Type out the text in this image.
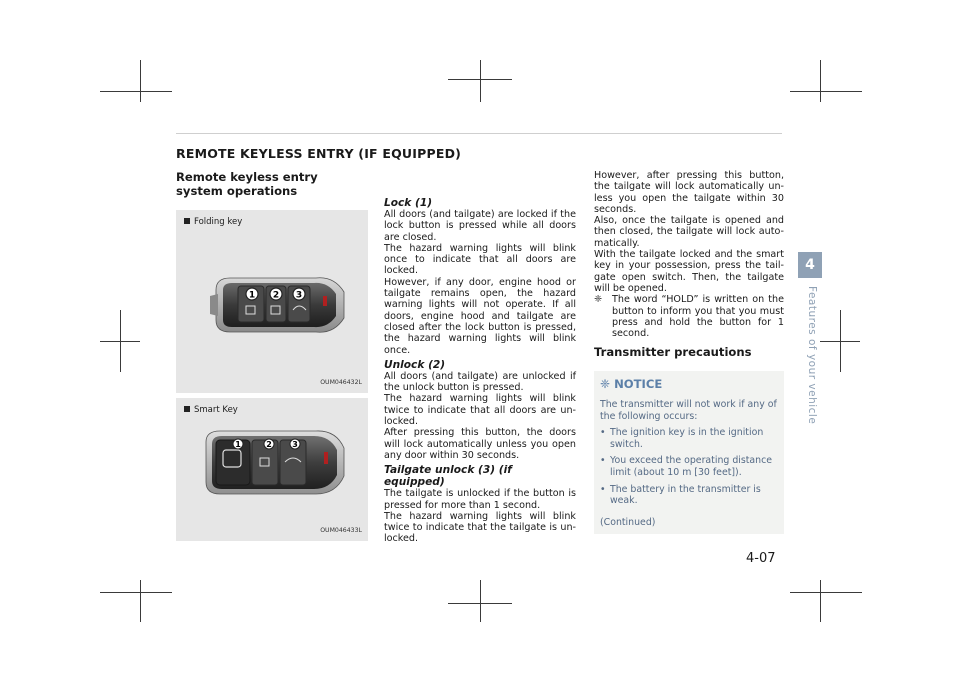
REMOTE KEYLESS ENTRY (IF EQUIPPED)
Remote keyless entry system operations
Folding key
1 2 3
OUM046432L
Smart Key
1	2	3
OUM046433L
Lock (1)

All doors (and tailgate) are locked if the lock button is pressed while all doors are closed.

The hazard warning lights will blink once to indicate that all doors are locked.

However, if any door, engine hood or tailgate remains open, the hazard warning lights will not operate. If all doors, engine hood and tailgate are closed after the lock button is pressed, the hazard warning lights will blink once.

Unlock (2)

All doors (and tailgate) are unlocked if the unlock button is pressed.

The hazard warning lights will blink twice to indicate that all doors are un-locked.

After pressing this button, the doors will lock automatically unless you open any door within 30 seconds.

Tailgate unlock (3) (if equipped)

The tailgate is unlocked if the button is pressed for more than 1 second.

The hazard warning lights will blink twice to indicate that the tailgate is un-locked.

However, after pressing this button, the tailgate will lock automatically un-less you open the tailgate within 30 seconds.

Also, once the tailgate is opened and then closed, the tailgate will lock auto-matically.

With the tailgate locked and the smart key in your possession, press the tail-gate open switch. Then, the tailgate will be opened.

❈	The word “HOLD” is written on the button to inform you that you must press and hold the button for 1 second.
Transmitter precautions
❈ NOTICE
The transmitter will not work if any of the following occurs:
• The ignition key is in the ignition switch.
• You exceed the operating distance limit (about 10 m [30 feet]).
• The battery in the transmitter is weak.
(Continued)
4
Features of your vehicle
4-07
